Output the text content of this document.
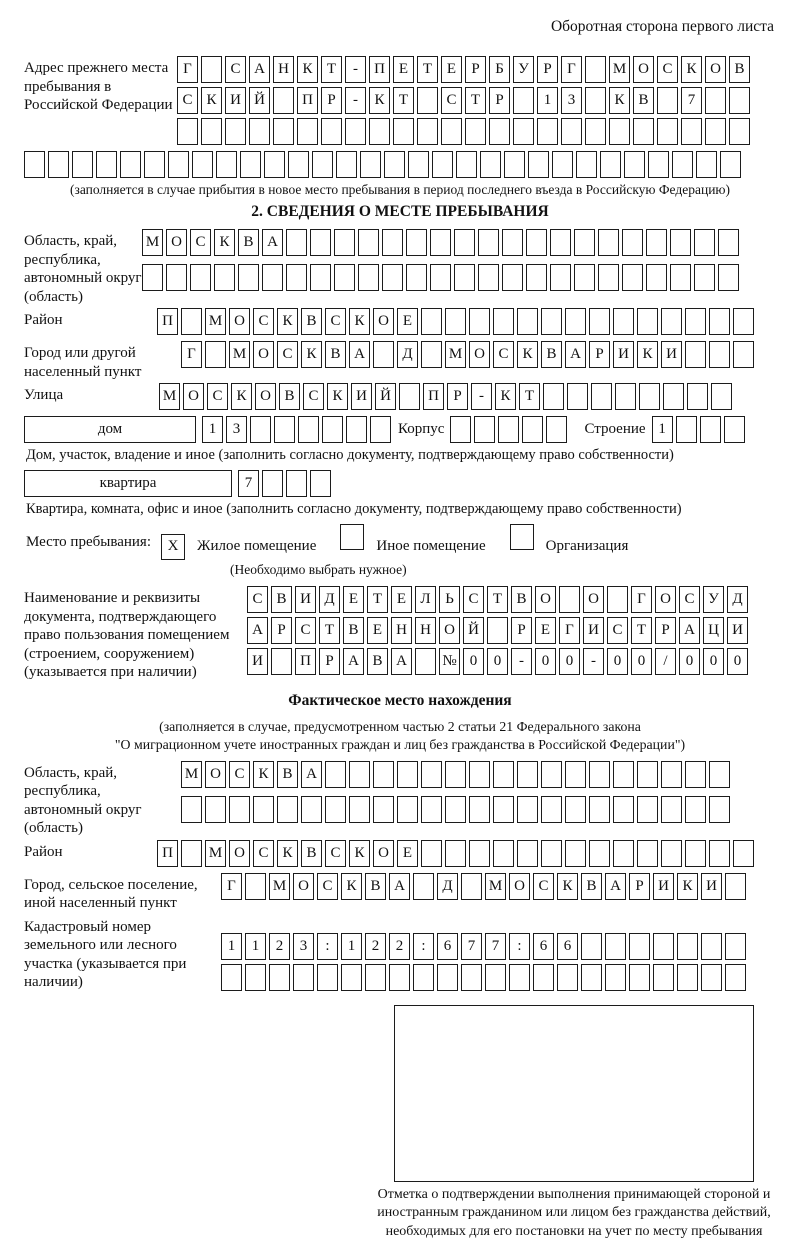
Оборотная сторона первого листа
Адрес прежнего места пребывания в Российской Федерации
Г	С А Н К Т - П Е Т Е Р Б У Р Г М О С К О В
С К И Й П Р - К Т	С Т Р	1 3	К В	7
(заполняется в случае прибытия в новое место пребывания в период последнего въезда в Российскую Федерацию)
2. СВЕДЕНИЯ О МЕСТЕ ПРЕБЫВАНИЯ
Область, край, республика, автономный округ (область)
М О С К В А
Район	П М О С К В С К О Е
Город или другой населенный пункт
Г М О С К В А Д М О С К В А Р И К И
Улица	М О С К О В С К И Й П Р - К Т
дом	1 3	Корпус	Строение 1
Дом, участок, владение и иное (заполнить согласно документу, подтверждающему право собственности)
квартира	7
Квартира, комната, офис и иное (заполнить согласно документу, подтверждающему право собственности)
Место пребывания:	X Жилое помещение	Иное помещение	Организация
(Необходимо выбрать нужное)
Наименование и реквизиты документа, подтверждающего право пользования помещением (строением, сооружением) (указывается при наличии)
С В И Д Е Т Е Л Ь С Т В О О	Г О С У Д
А Р С Т В Е Н Н О Й	Р Е Г И С Т Р А Ц И
И П Р А В А № 0 0 - 0 0 - 0 0 / 0 0 0
Фактическое место нахождения
(заполняется в случае, предусмотренном частью 2 статьи 21 Федерального закона
"О миграционном учете иностранных граждан и лиц без гражданства в Российской Федерации")
Область, край, республика, автономный округ (область)
М О С К В А
Район	П М О С К В С К О Е
Город, сельское поселение, иной населенный пункт
Г М О С К В А Д М О С К В А Р И К И
Кадастровый номер земельного или лесного участка (указывается при наличии)
1 1 2 3 : 1 2 2 : 6 7 7 : 6 6
Отметка о подтверждении выполнения принимающей стороной и иностранным гражданином или лицом без гражданства действий, необходимых для его постановки на учет по месту пребывания
